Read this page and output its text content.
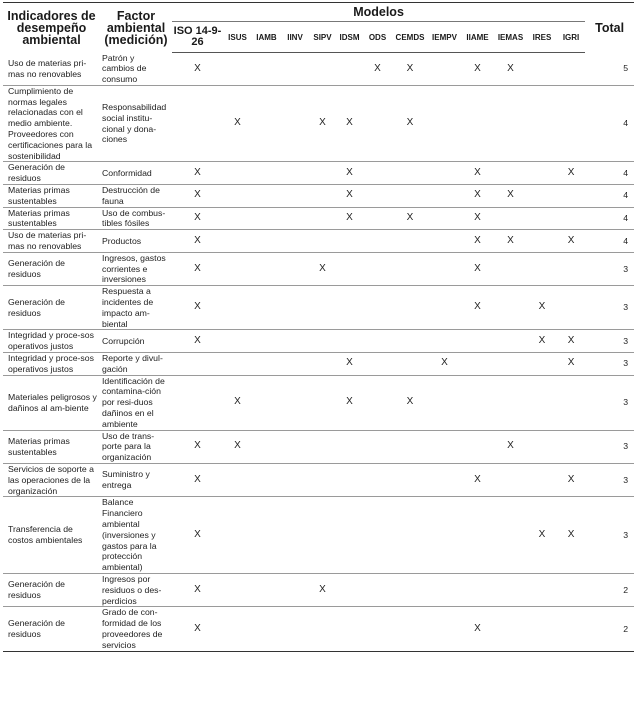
Indicadores de desempeño ambiental	Factor ambiental (medición)	Modelos													Total
		ISO 14-9-26	ISUS	IAMB	IINV	SIPV	IDSM	ODS	CEMDS	IEMPV	IIAME	IEMAS	IRES	IGRI	
Uso de materias pri-mas no renovables	Patrón y cambios de consumo	X						X	X		X	X			5
Cumplimiento de normas legales relacionadas con el medio ambiente. Proveedores con certificaciones para la sostenibilidad	Responsabilidad social institu-cional y dona-ciones		X			X	X		X						4
Generación de residuos	Conformidad	X					X				X			X	4
Materias primas sustentables	Destrucción de fauna	X					X				X	X			4
Materias primas sustentables	Uso de combus-tibles fósiles	X					X		X		X				4
Uso de materias pri-mas no renovables	Productos	X									X	X		X	4
Generación de residuos	Ingresos, gastos corrientes e inversiones	X				X					X				3
Generación de residuos	Respuesta a incidentes de impacto am-biental	X									X		X		3
Integridad y proce-sos operativos justos	Corrupción	X											X	X	3
Integridad y proce-sos operativos justos	Reporte y divul-gación						X			X				X	3
Materiales peligrosos y dañinos al am-biente	Identificación de contamina-ción por resi-duos dañinos en el ambiente		X				X		X						3
Materias primas sustentables	Uso de trans-porte para la organización	X	X									X			3
Servicios de soporte a las operaciones de la organización	Suministro y entrega	X									X			X	3
Transferencia de costos ambientales	Balance Financiero ambiental (inversiones y gastos para la protección ambiental)	X											X	X	3
Generación de residuos	Ingresos por residuos o des-perdicios	X				X									2
Generación de residuos	Grado de con-formidad de los proveedores de servicios	X									X				2
